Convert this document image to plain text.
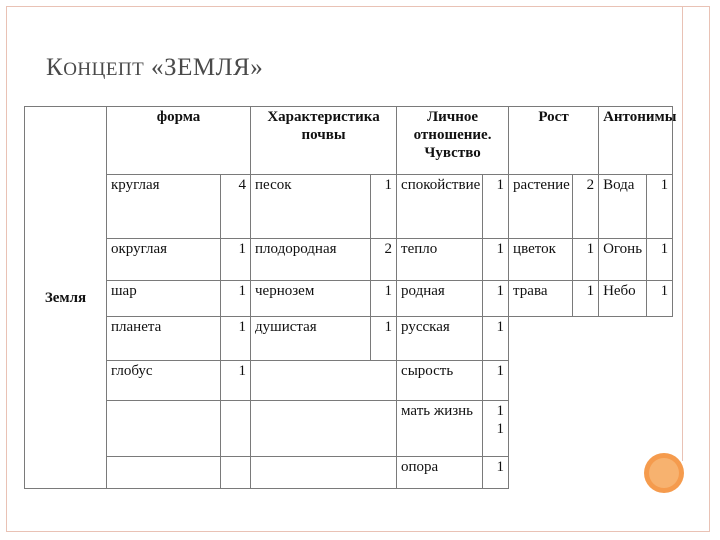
КОНЦЕПТ «ЗЕМЛЯ»
Земля	форма		Характеристика почвы		Личное отношение. Чувство		Рост		Антонимы	
	круглая	4	песок	1	спокойствие	1	растение	2	Вода	1
	округлая	1	плодородная	2	тепло	1	цветок	1	Огонь	1
	шар	1	чернозем	1	родная	1	трава	1	Небо	1
	планета	1	душистая	1	русская	1				
	глобус	1			сырость	1				
					мать жизнь	1 1				
					опора	1				
